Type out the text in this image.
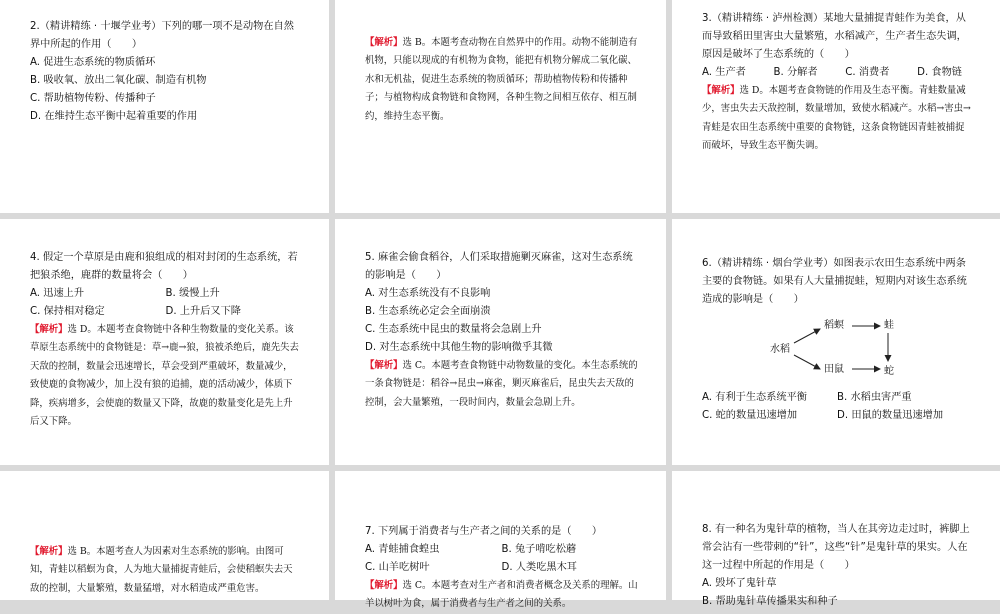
2.（精讲精练 · 十堰学业考）下列的哪一项不是动物在自然界中所起的作用（　　）

A. 促进生态系统的物质循环

B. 吸收氧、放出二氧化碳、制造有机物

C. 帮助植物传粉、传播种子

D. 在维持生态平衡中起着重要的作用

【解析】选 B。本题考查动物在自然界中的作用。动物不能制造有机物，只能以现成的有机物为食物，能把有机物分解成二氧化碳、水和无机盐，促进生态系统的物质循环；帮助植物传粉和传播种子；与植物构成食物链和食物网，各种生物之间相互依存、相互制约，维持生态平衡。

3.（精讲精练 · 泸州检测）某地大量捕捉青蛙作为美食，从而导致稻田里害虫大量繁殖，水稻减产，生产者生态失调，原因是破坏了生态系统的（　　）

A. 生产者	B. 分解者	C. 消费者	D. 食物链

【解析】选 D。本题考查食物链的作用及生态平衡。青蛙数量减少，害虫失去天敌控制，数量增加，致使水稻减产。水稻→害虫→青蛙是农田生态系统中重要的食物链，这条食物链因青蛙被捕捉而破坏，导致生态平衡失调。

4. 假定一个草原是由鹿和狼组成的相对封闭的生态系统，若把狼杀绝，鹿群的数量将会（　　）

A. 迅速上升	B. 缓慢上升
C. 保持相对稳定	D. 上升后又下降

【解析】选 D。本题考查食物链中各种生物数量的变化关系。该草原生态系统中的食物链是：草→鹿→狼，狼被杀绝后，鹿先失去天敌的控制，数量会迅速增长，草会受到严重破坏，数量减少，致使鹿的食物减少，加上没有狼的追捕，鹿的活动减少，体质下降，疾病增多，会使鹿的数量又下降，故鹿的数量变化是先上升后又下降。

5. 麻雀会偷食稻谷，人们采取措施剿灭麻雀，这对生态系统的影响是（　　）

A. 对生态系统没有不良影响

B. 生态系统必定会全面崩溃

C. 生态系统中昆虫的数量将会急剧上升

D. 对生态系统中其他生物的影响微乎其微

【解析】选 C。本题考查食物链中动物数量的变化。本生态系统的一条食物链是：稻谷→昆虫→麻雀，剿灭麻雀后，昆虫失去天敌的控制，会大量繁殖，一段时间内，数量会急剧上升。

6.（精讲精练 · 烟台学业考）如图表示农田生态系统中两条主要的食物链。如果有人大量捕捉蛙，短期内对该生态系统造成的影响是（　　）

水稻
稻螟	蛙
田鼠	蛇
A. 有利于生态系统平衡	B. 水稻虫害严重
C. 蛇的数量迅速增加	D. 田鼠的数量迅速增加

【解析】选 B。本题考查人为因素对生态系统的影响。由图可知，青蛙以稻螟为食，人为地大量捕捉青蛙后，会使稻螟失去天敌的控制，大量繁殖，数量猛增，对水稻造成严重危害。

7. 下列属于消费者与生产者之间的关系的是（　　）

A. 青蛙捕食蝗虫	B. 兔子啃吃松蘑
C. 山羊吃树叶	D. 人类吃黑木耳

【解析】选 C。本题考查对生产者和消费者概念及关系的理解。山羊以树叶为食，属于消费者与生产者之间的关系。

8. 有一种名为鬼针草的植物，当人在其旁边走过时，裤脚上常会沾有一些带刺的“针”，这些“针”是鬼针草的果实。人在这一过程中所起的作用是（　　）

A. 毁坏了鬼针草

B. 帮助鬼针草传播果实和种子
